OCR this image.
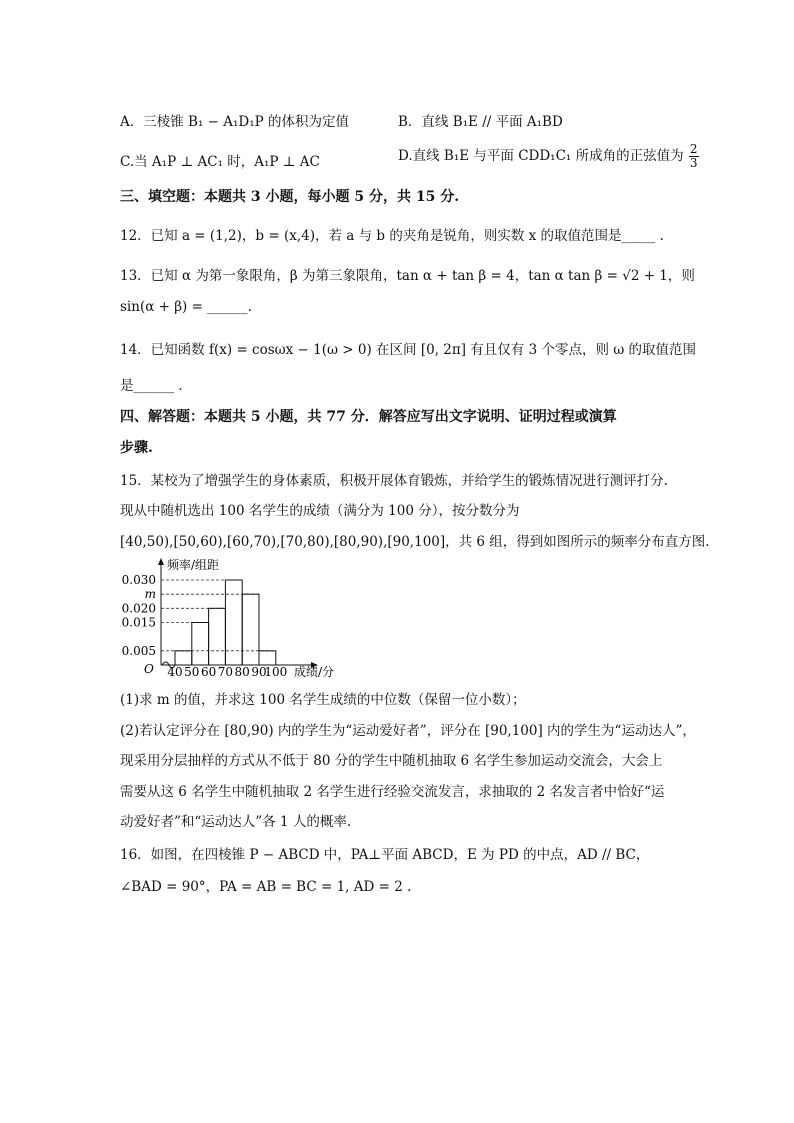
A．三棱锥 B₁ − A₁D₁P 的体积为定值	B．直线 B₁E // 平面 A₁BD
C.当 A₁P ⊥ AC₁ 时，A₁P ⊥ AC	D.直线 B₁E 与平面 CDD₁C₁ 所成角的正弦值为 $\frac{2}{3}$
三、填空题：本题共 3 小题，每小题 5 分，共 15 分.
12．已知 a = (1,2)，b = (x,4)，若 a 与 b 的夹角是锐角，则实数 x 的取值范围是_____ .
13．已知 α 为第一象限角，β 为第三象限角，tan α + tan β = 4，tan α tan β = √2 + 1，则
sin(α + β) = ______.
14．已知函数 f(x) = cosωx − 1(ω > 0) 在区间 [0, 2π] 有且仅有 3 个零点，则 ω 的取值范围
是______ .
四、解答题：本题共 5 小题，共 77 分．解答应写出文字说明、证明过程或演算
步骤.
15．某校为了增强学生的身体素质，积极开展体育锻炼，并给学生的锻炼情况进行测评打分.
现从中随机选出 100 名学生的成绩（满分为 100 分），按分数分为
[40,50),[50,60),[60,70),[70,80),[80,90),[90,100]，共 6 组，得到如图所示的频率分布直方图.
0.005
0.015
0.020
m
0.030
40 50 60 70 80 90
100
频率/组距
成绩/分
O
(1)求 m 的值，并求这 100 名学生成绩的中位数（保留一位小数）；
(2)若认定评分在 [80,90) 内的学生为“运动爱好者”，评分在 [90,100] 内的学生为“运动达人”，
现采用分层抽样的方式从不低于 80 分的学生中随机抽取 6 名学生参加运动交流会，大会上
需要从这 6 名学生中随机抽取 2 名学生进行经验交流发言，求抽取的 2 名发言者中恰好“运
动爱好者”和“运动达人”各 1 人的概率.
16．如图，在四棱锥 P − ABCD 中，PA⊥平面 ABCD，E 为 PD 的中点，AD // BC，
∠BAD = 90°，PA = AB = BC = 1, AD = 2 .
